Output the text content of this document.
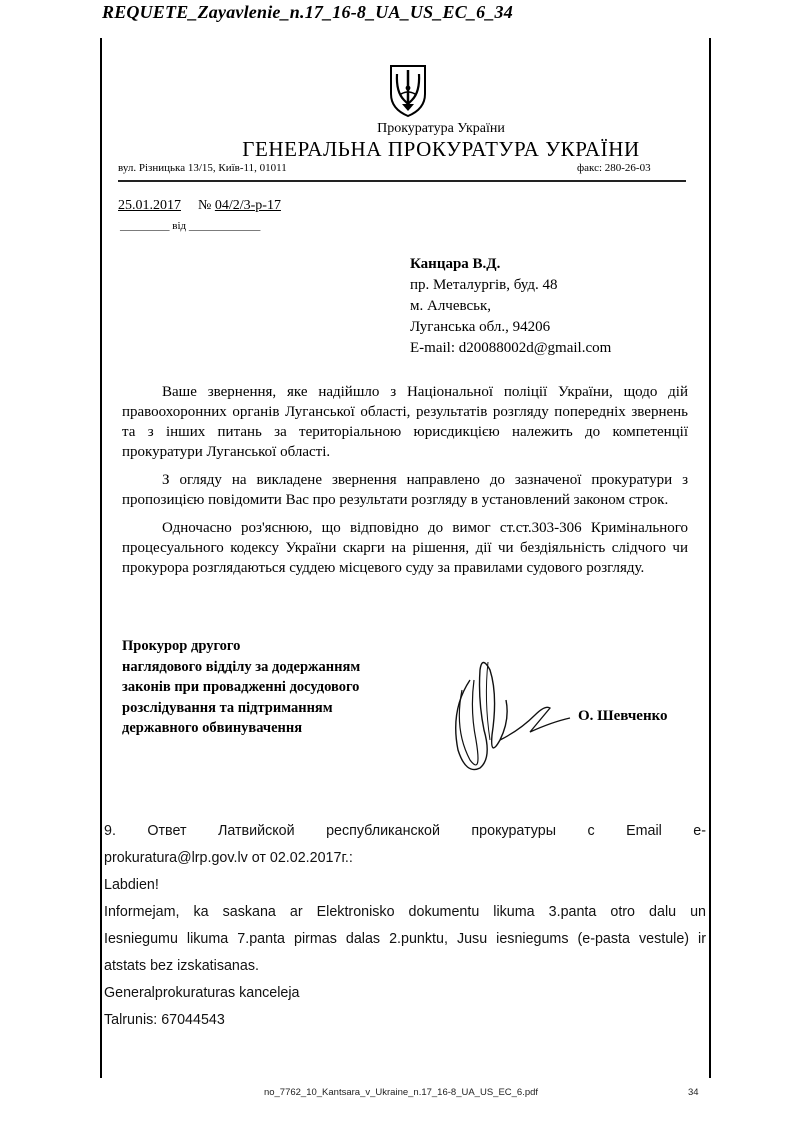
REQUETE_Zayavlenie_n.17_16-8_UA_US_EC_6_34
Прокуратура України
ГЕНЕРАЛЬНА ПРОКУРАТУРА УКРАЇНИ
вул. Різницька 13/15, Київ-11, 01011	факс: 280-26-03
25.01.2017 № 04/2/3-р-17
_________ від _____________
Канцара В.Д.
пр. Металургів, буд. 48
м. Алчевськ,
Луганська обл., 94206
E-mail: d20088002d@gmail.com

Ваше звернення, яке надійшло з Національної поліції України, щодо дій правоохоронних органів Луганської області, результатів розгляду попередніх звернень та з інших питань за територіальною юрисдикцією належить до компетенції прокуратури Луганської області.

З огляду на викладене звернення направлено до зазначеної прокуратури з пропозицією повідомити Вас про результати розгляду в установлений законом строк.

Одночасно роз'яснюю, що відповідно до вимог ст.ст.303-306 Кримінального процесуального кодексу України скарги на рішення, дії чи бездіяльність слідчого чи прокурора розглядаються суддею місцевого суду за правилами судового розгляду.

Прокурор другого
наглядового відділу за додержанням
законів при провадженні досудового
розслідування та підтриманням
державного обвинувачення
О. Шевченко
9. Ответ Латвийской республиканской прокуратуры с Email e-
prokuratura@lrp.gov.lv от 02.02.2017г.:
Labdien!
Informejam, ka saskana ar Elektronisko dokumentu likuma 3.panta otro dalu un
Iesniegumu likuma 7.panta pirmas dalas 2.punktu, Jusu iesniegums (e-pasta vestule) ir
atstats bez izskatisanas.
Generalprokuraturas kanceleja
Talrunis: 67044543
no_7762_10_Kantsara_v_Ukraine_n.17_16-8_UA_US_EC_6.pdf	34
